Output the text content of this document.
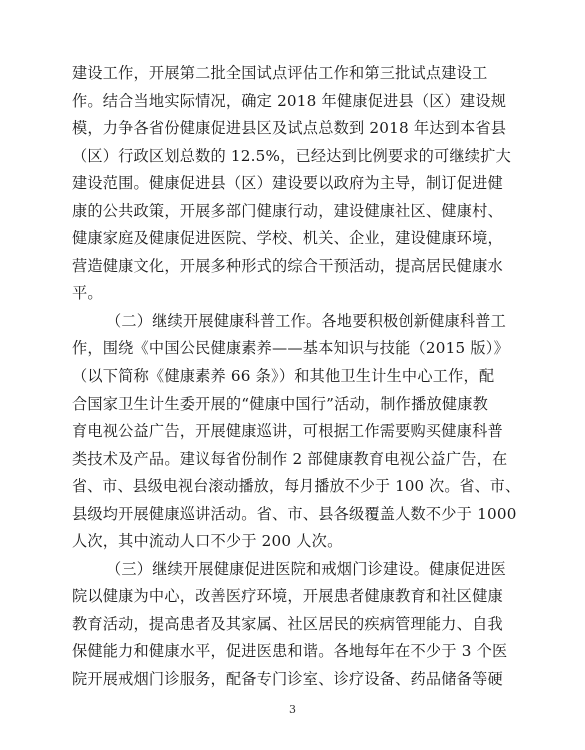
建设工作，开展第二批全国试点评估工作和第三批试点建设工
作。结合当地实际情况，确定 2018 年健康促进县（区）建设规
模，力争各省份健康促进县区及试点总数到 2018 年达到本省县
（区）行政区划总数的 12.5%，已经达到比例要求的可继续扩大
建设范围。健康促进县（区）建设要以政府为主导，制订促进健
康的公共政策，开展多部门健康行动，建设健康社区、健康村、
健康家庭及健康促进医院、学校、机关、企业，建设健康环境，
营造健康文化，开展多种形式的综合干预活动，提高居民健康水
平。
（二）继续开展健康科普工作。各地要积极创新健康科普工
作，围绕《中国公民健康素养——基本知识与技能（2015 版）》
（以下简称《健康素养 66 条》）和其他卫生计生中心工作，配
合国家卫生计生委开展的“健康中国行”活动，制作播放健康教
育电视公益广告，开展健康巡讲，可根据工作需要购买健康科普
类技术及产品。建议每省份制作 2 部健康教育电视公益广告，在
省、市、县级电视台滚动播放，每月播放不少于 100 次。省、市、
县级均开展健康巡讲活动。省、市、县各级覆盖人数不少于 1000
人次，其中流动人口不少于 200 人次。
（三）继续开展健康促进医院和戒烟门诊建设。健康促进医
院以健康为中心，改善医疗环境，开展患者健康教育和社区健康
教育活动，提高患者及其家属、社区居民的疾病管理能力、自我
保健能力和健康水平，促进医患和谐。各地每年在不少于 3 个医
院开展戒烟门诊服务，配备专门诊室、诊疗设备、药品储备等硬
3
